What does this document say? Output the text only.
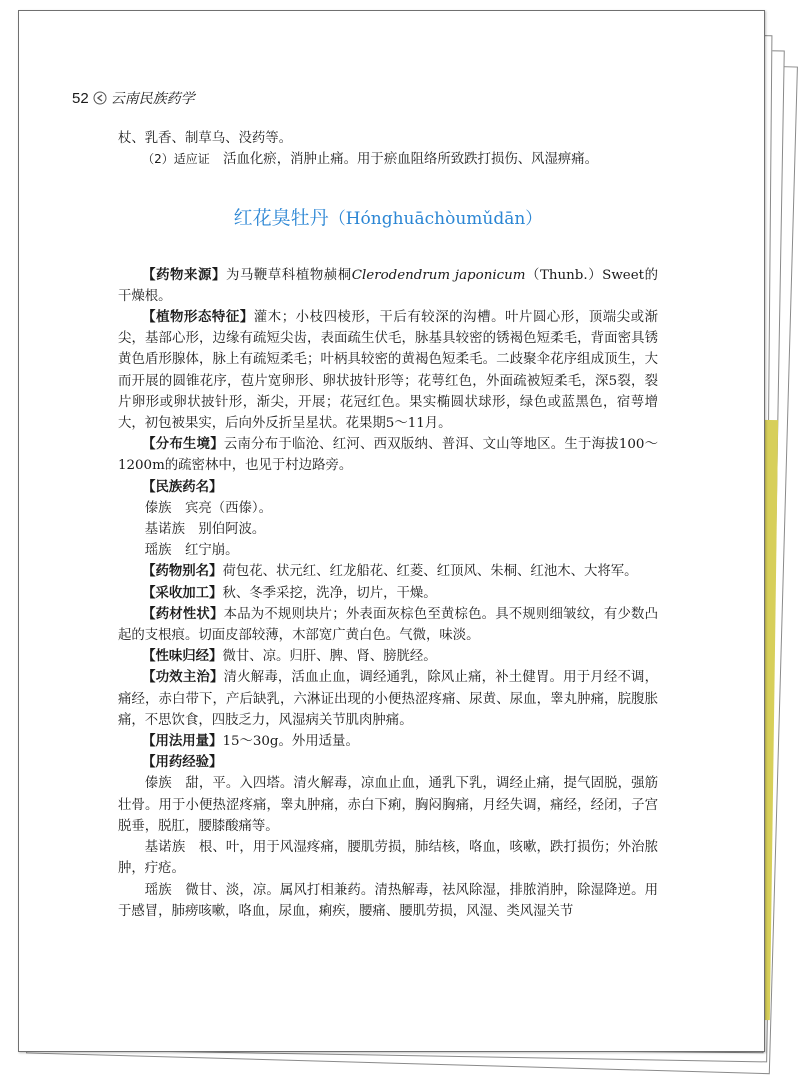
52 云南民族药学

杖、乳香、制草乌、没药等。

（2）适应证　 活血化瘀，消肿止痛。用于瘀血阻络所致跌打损伤、风湿痹痛。

红花臭牡丹（Hónghuāchòumǔdān）

【药物来源】为马鞭草科植物赪桐Clerodendrum japonicum（Thunb.）Sweet的干燥根。

【植物形态特征】灌木；小枝四棱形，干后有较深的沟槽。叶片圆心形，顶端尖或渐尖，基部心形，边缘有疏短尖齿，表面疏生伏毛，脉基具较密的锈褐色短柔毛，背面密具锈黄色盾形腺体，脉上有疏短柔毛；叶柄具较密的黄褐色短柔毛。二歧聚伞花序组成顶生，大而开展的圆锥花序，苞片宽卵形、卵状披针形等；花萼红色，外面疏被短柔毛，深5裂，裂片卵形或卵状披针形，渐尖，开展；花冠红色。果实椭圆状球形，绿色或蓝黑色，宿萼增大，初包被果实，后向外反折呈星状。花果期5～11月。

【分布生境】云南分布于临沧、红河、西双版纳、普洱、文山等地区。生于海拔100～1200m的疏密林中，也见于村边路旁。

【民族药名】

傣族　宾亮（西傣）。

基诺族　别伯阿波。

瑶族　红宁崩。

【药物别名】荷包花、状元红、红龙船花、红菱、红顶风、朱桐、红池木、大将军。

【采收加工】秋、冬季采挖，洗净，切片，干燥。

【药材性状】本品为不规则块片；外表面灰棕色至黄棕色。具不规则细皱纹，有少数凸起的支根痕。切面皮部较薄，木部宽广黄白色。气微，味淡。

【性味归经】微甘、凉。归肝、脾、肾、膀胱经。

【功效主治】清火解毒，活血止血，调经通乳，除风止痛，补土健胃。用于月经不调，痛经，赤白带下，产后缺乳，六淋证出现的小便热涩疼痛、尿黄、尿血，睾丸肿痛，脘腹胀痛，不思饮食，四肢乏力，风湿病关节肌肉肿痛。

【用法用量】15～30g。外用适量。

【用药经验】

傣族　甜，平。入四塔。清火解毒，凉血止血，通乳下乳，调经止痛，提气固脱，强筋壮骨。用于小便热涩疼痛，睾丸肿痛，赤白下痢，胸闷胸痛，月经失调，痛经，经闭，子宫脱垂，脱肛，腰膝酸痛等。

基诺族　根、叶，用于风湿疼痛，腰肌劳损，肺结核，咯血，咳嗽，跌打损伤；外治脓肿，疔疮。

瑶族　微甘、淡，凉。属风打相兼药。清热解毒，祛风除湿，排脓消肿，除湿降逆。用于感冒，肺痨咳嗽，咯血，尿血，痢疾，腰痛、腰肌劳损，风湿、类风湿关节
